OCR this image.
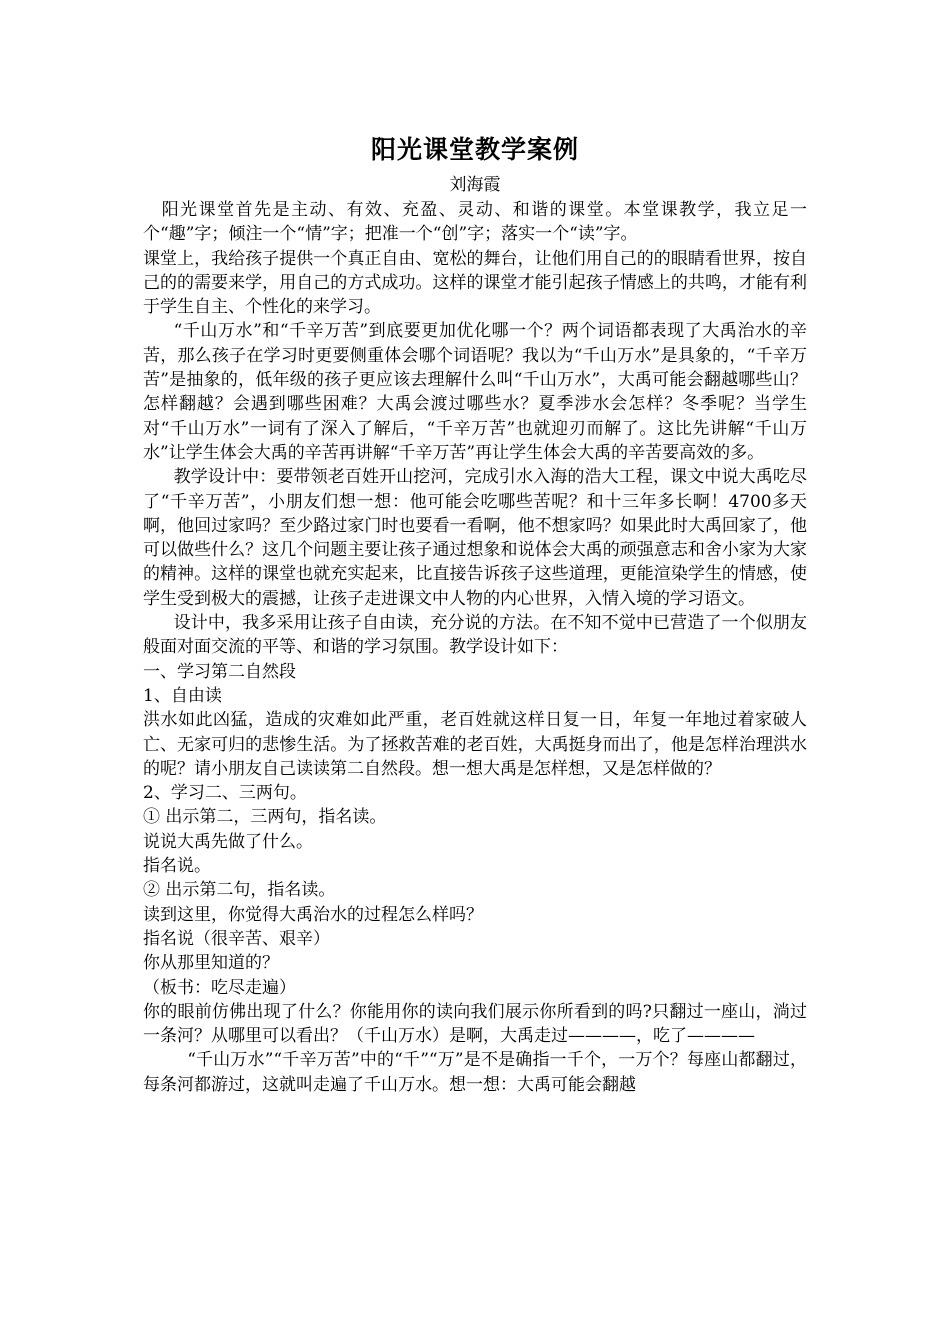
阳光课堂教学案例
刘海霞

阳光课堂首先是主动、有效、充盈、灵动、和谐的课堂。本堂课教学，我立足一个“趣”字；倾注一个“情”字；把准一个“创”字；落实一个“读”字。

课堂上，我给孩子提供一个真正自由、宽松的舞台，让他们用自己的的眼睛看世界，按自己的的需要来学，用自己的方式成功。这样的课堂才能引起孩子情感上的共鸣，才能有利于学生自主、个性化的来学习。

“千山万水”和“千辛万苦”到底要更加优化哪一个？两个词语都表现了大禹治水的辛苦，那么孩子在学习时更要侧重体会哪个词语呢？我以为“千山万水”是具象的，“千辛万苦”是抽象的，低年级的孩子更应该去理解什么叫“千山万水”，大禹可能会翻越哪些山？怎样翻越？会遇到哪些困难？大禹会渡过哪些水？夏季涉水会怎样？冬季呢？当学生对“千山万水”一词有了深入了解后，“千辛万苦”也就迎刃而解了。这比先讲解“千山万水”让学生体会大禹的辛苦再讲解“千辛万苦”再让学生体会大禹的辛苦要高效的多。

教学设计中：要带领老百姓开山挖河，完成引水入海的浩大工程，课文中说大禹吃尽了“千辛万苦”，小朋友们想一想：他可能会吃哪些苦呢？和十三年多长啊！4700多天啊，他回过家吗？至少路过家门时也要看一看啊，他不想家吗？如果此时大禹回家了，他可以做些什么？这几个问题主要让孩子通过想象和说体会大禹的顽强意志和舍小家为大家的精神。这样的课堂也就充实起来，比直接告诉孩子这些道理，更能渲染学生的情感，使学生受到极大的震撼，让孩子走进课文中人物的内心世界，入情入境的学习语文。

设计中，我多采用让孩子自由读，充分说的方法。在不知不觉中已营造了一个似朋友般面对面交流的平等、和谐的学习氛围。教学设计如下：

一、学习第二自然段

1、自由读

洪水如此凶猛，造成的灾难如此严重，老百姓就这样日复一日，年复一年地过着家破人亡、无家可归的悲惨生活。为了拯救苦难的老百姓，大禹挺身而出了，他是怎样治理洪水的呢？请小朋友自己读读第二自然段。想一想大禹是怎样想，又是怎样做的？

2、学习二、三两句。

① 出示第二，三两句，指名读。

说说大禹先做了什么。

指名说。

② 出示第二句，指名读。

读到这里，你觉得大禹治水的过程怎么样吗？

指名说（很辛苦、艰辛）

你从那里知道的？

（板书：吃尽走遍）

你的眼前仿佛出现了什么？你能用你的读向我们展示你所看到的吗?只翻过一座山，淌过一条河？从哪里可以看出？（千山万水）是啊，大禹走过————，吃了————

“千山万水”“千辛万苦”中的“千”“万”是不是确指一千个，一万个？每座山都翻过，每条河都游过，这就叫走遍了千山万水。想一想：大禹可能会翻越
